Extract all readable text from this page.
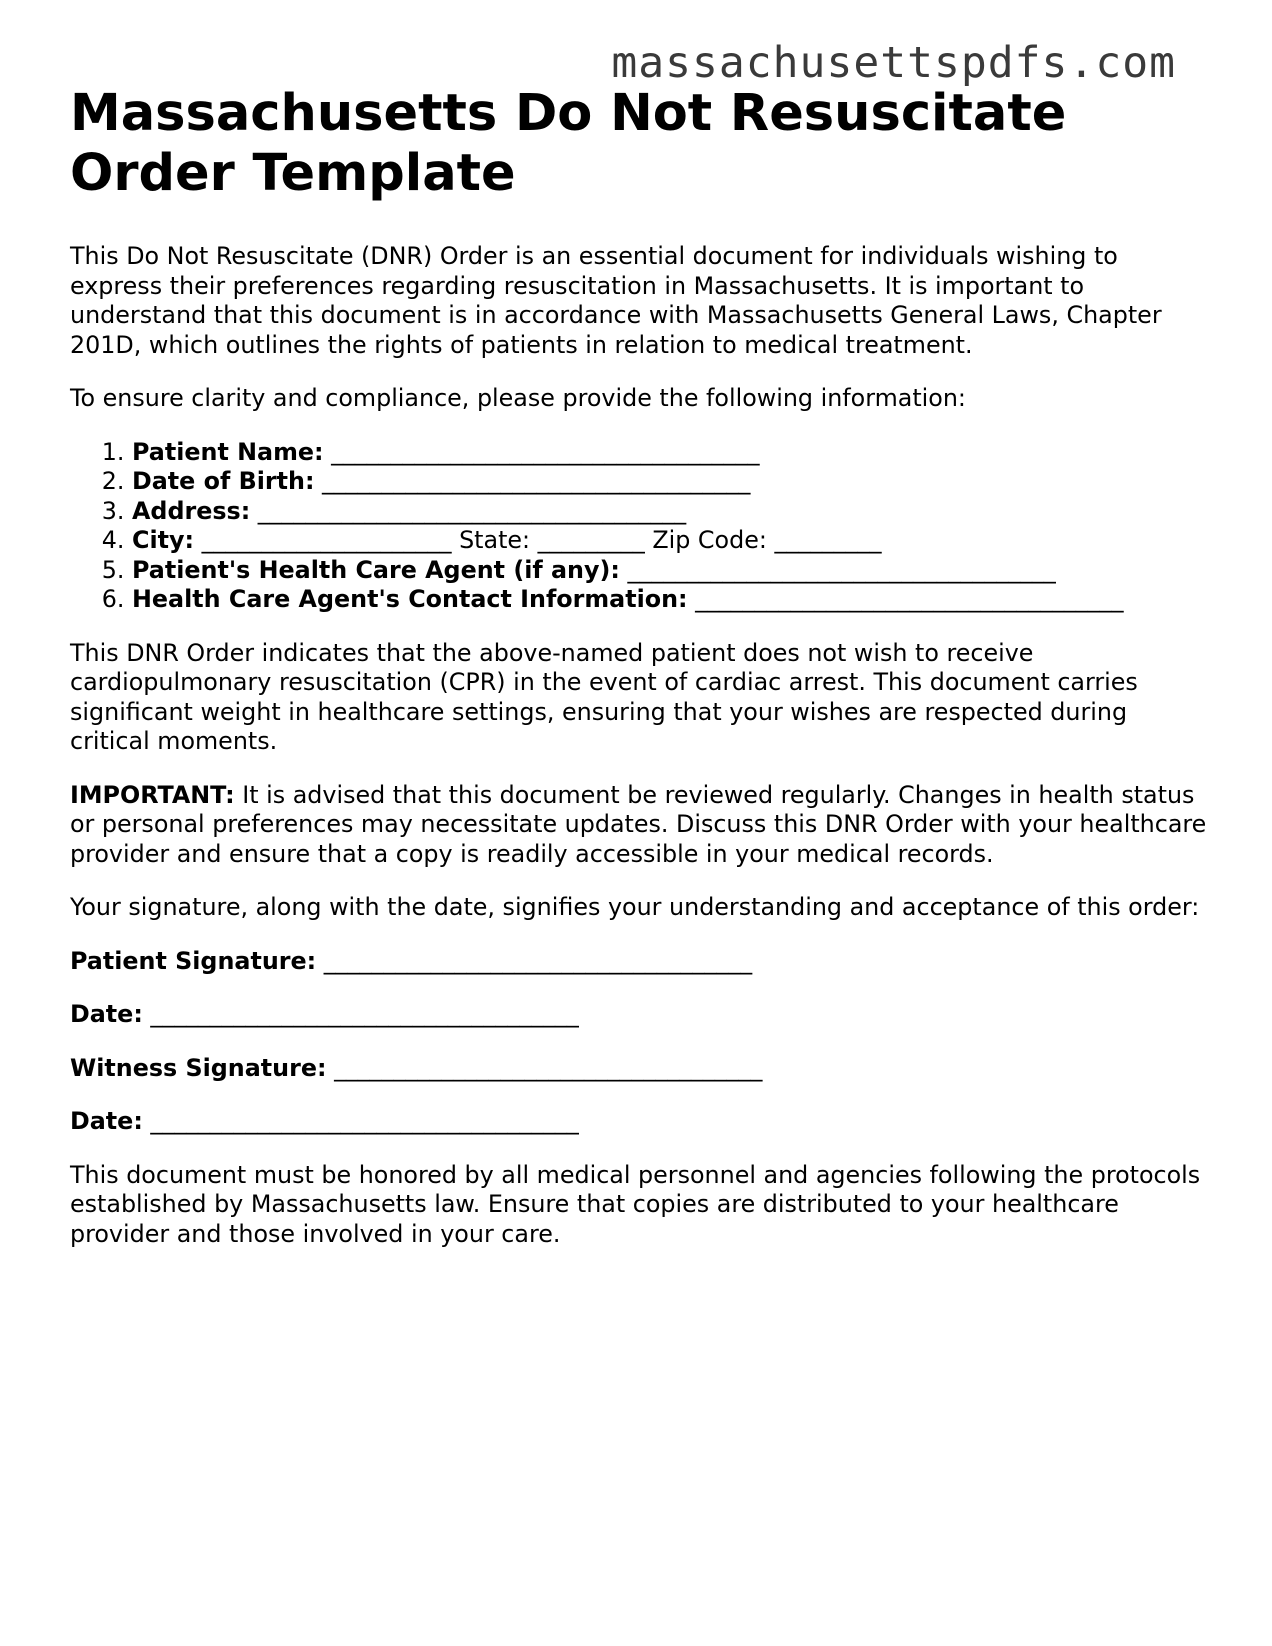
massachusettspdfs.com
Massachusetts Do Not Resuscitate
Order Template

This Do Not Resuscitate (DNR) Order is an essential document for individuals wishing to express their preferences regarding resuscitation in Massachusetts. It is important to understand that this document is in accordance with Massachusetts General Laws, Chapter 201D, which outlines the rights of patients in relation to medical treatment.

To ensure clarity and compliance, please provide the following information:

1. Patient Name: ____________________________________
2. Date of Birth: ____________________________________
3. Address: ____________________________________
4. City: _____________________ State: _________ Zip Code: _________
5. Patient's Health Care Agent (if any): ____________________________________
6. Health Care Agent's Contact Information: ____________________________________

This DNR Order indicates that the above-named patient does not wish to receive cardiopulmonary resuscitation (CPR) in the event of cardiac arrest. This document carries significant weight in healthcare settings, ensuring that your wishes are respected during critical moments.

IMPORTANT: It is advised that this document be reviewed regularly. Changes in health status or personal preferences may necessitate updates. Discuss this DNR Order with your healthcare provider and ensure that a copy is readily accessible in your medical records.

Your signature, along with the date, signifies your understanding and acceptance of this order:

Patient Signature: ____________________________________

Date: ____________________________________

Witness Signature: ____________________________________

Date: ____________________________________

This document must be honored by all medical personnel and agencies following the protocols established by Massachusetts law. Ensure that copies are distributed to your healthcare provider and those involved in your care.
